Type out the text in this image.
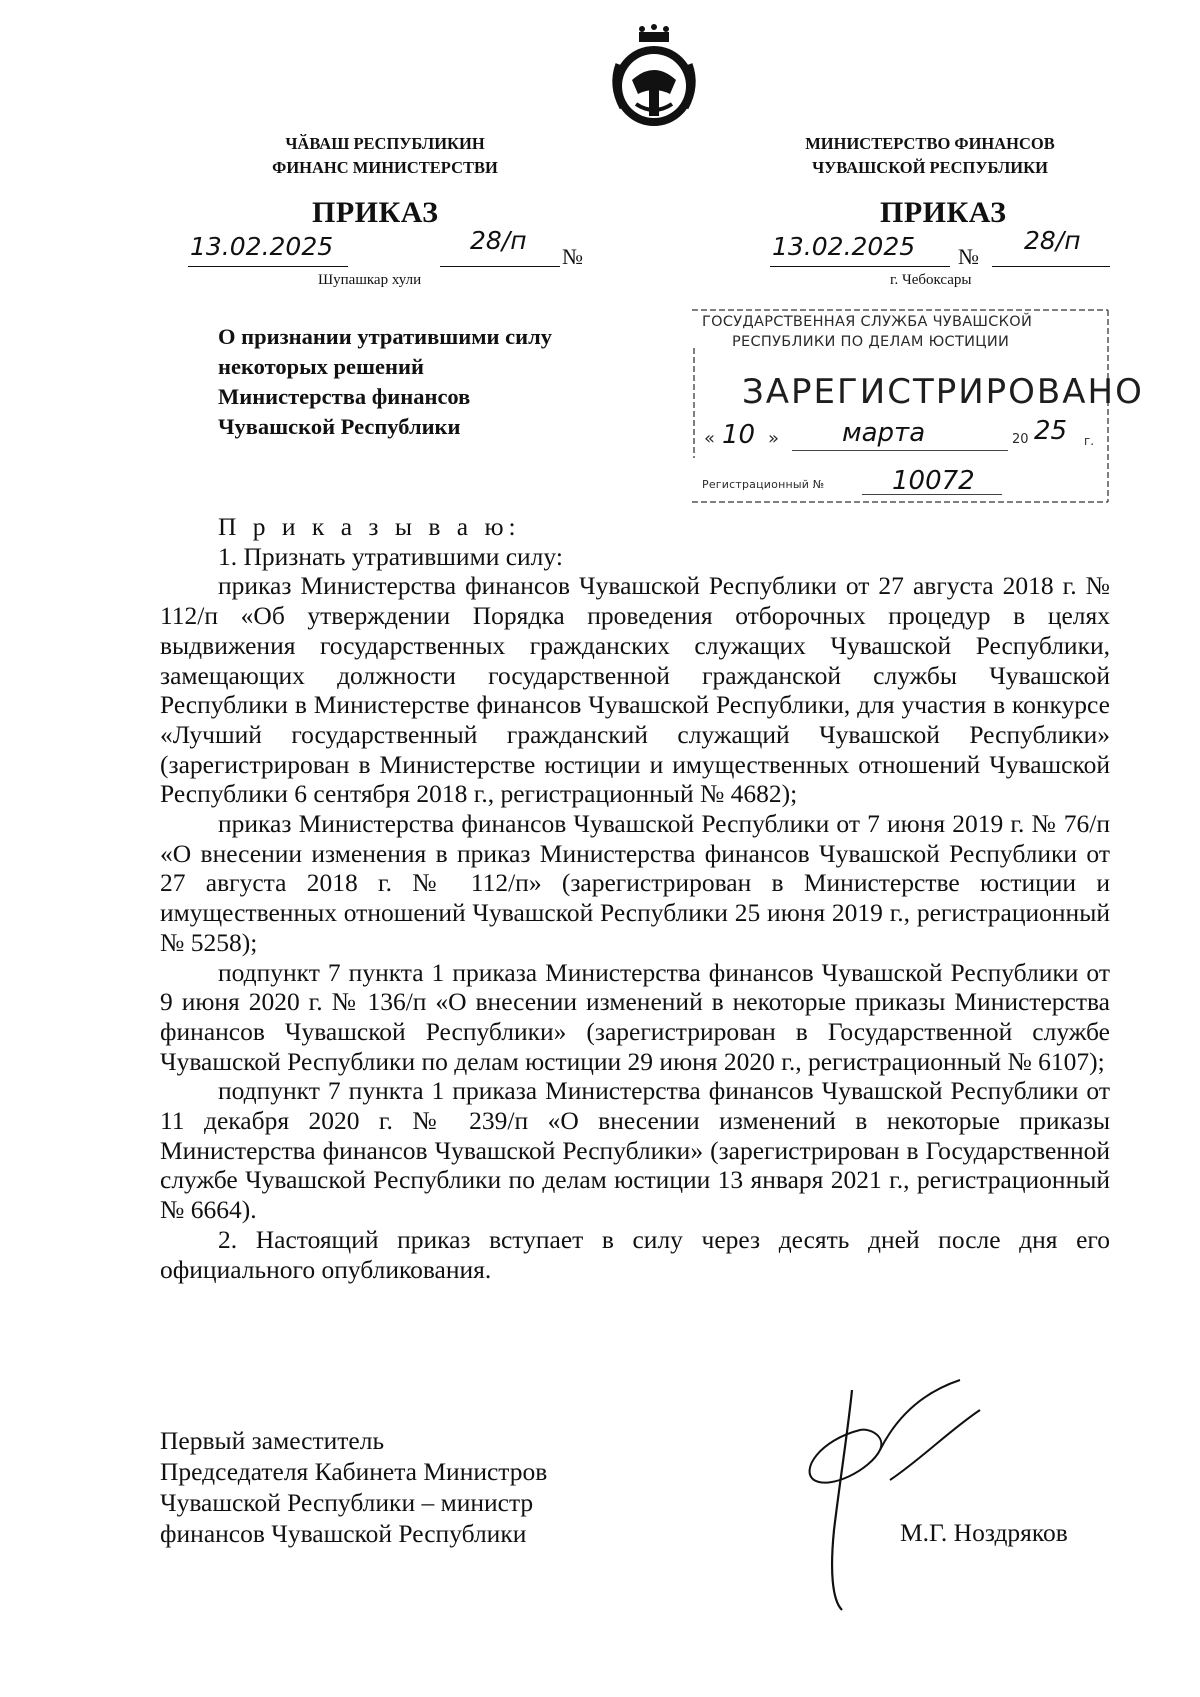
ЧӐВАШ РЕСПУБЛИКИН
ФИНАНС МИНИСТЕРСТВИ
МИНИСТЕРСТВО ФИНАНСОВ
ЧУВАШСКОЙ РЕСПУБЛИКИ
ПРИКАЗ
13.02.2025	28/п
№
Шупашкар хули
ПРИКАЗ
13.02.2025 №
28/п
г. Чебоксары
О признании утратившими силу
некоторых решений
Министерства финансов
Чувашской Республики
ГОСУДАРСТВЕННАЯ СЛУЖБА ЧУВАШСКОЙ
РЕСПУБЛИКИ ПО ДЕЛАМ ЮСТИЦИИ
ЗАРЕГИСТРИРОВАНО
« 10 » марта	20 25 г.
Регистрационный №	10072

П р и к а з ы в а ю:

1. Признать утратившими силу:

приказ Министерства финансов Чувашской Республики от 27 августа 2018 г. № 112/п «Об утверждении Порядка проведения отборочных процедур в целях выдвижения государственных гражданских служащих Чувашской Республики, замещающих должности государственной гражданской службы Чувашской Республики в Министерстве финансов Чувашской Республики, для участия в конкурсе «Лучший государственный гражданский служащий Чувашской Республики» (зарегистрирован в Министерстве юстиции и имущественных отношений Чувашской Республики 6 сентября 2018 г., регистрационный № 4682);

приказ Министерства финансов Чувашской Республики от 7 июня 2019 г. № 76/п «О внесении изменения в приказ Министерства финансов Чувашской Республики от 27 августа 2018 г. № 112/п» (зарегистрирован в Министерстве юстиции и имущественных отношений Чувашской Республики 25 июня 2019 г., регистрационный № 5258);

подпункт 7 пункта 1 приказа Министерства финансов Чувашской Республики от 9 июня 2020 г. № 136/п «О внесении изменений в некоторые приказы Министерства финансов Чувашской Республики» (зарегистрирован в Государственной службе Чувашской Республики по делам юстиции 29 июня 2020 г., регистрационный № 6107);

подпункт 7 пункта 1 приказа Министерства финансов Чувашской Республики от 11 декабря 2020 г. № 239/п «О внесении изменений в некоторые приказы Министерства финансов Чувашской Республики» (зарегистрирован в Государственной службе Чувашской Республики по делам юстиции 13 января 2021 г., регистрационный № 6664).

2. Настоящий приказ вступает в силу через десять дней после дня его официального опубликования.

Первый заместитель
Председателя Кабинета Министров
Чувашской Республики – министр
финансов Чувашской Республики	М.Г. Ноздряков
